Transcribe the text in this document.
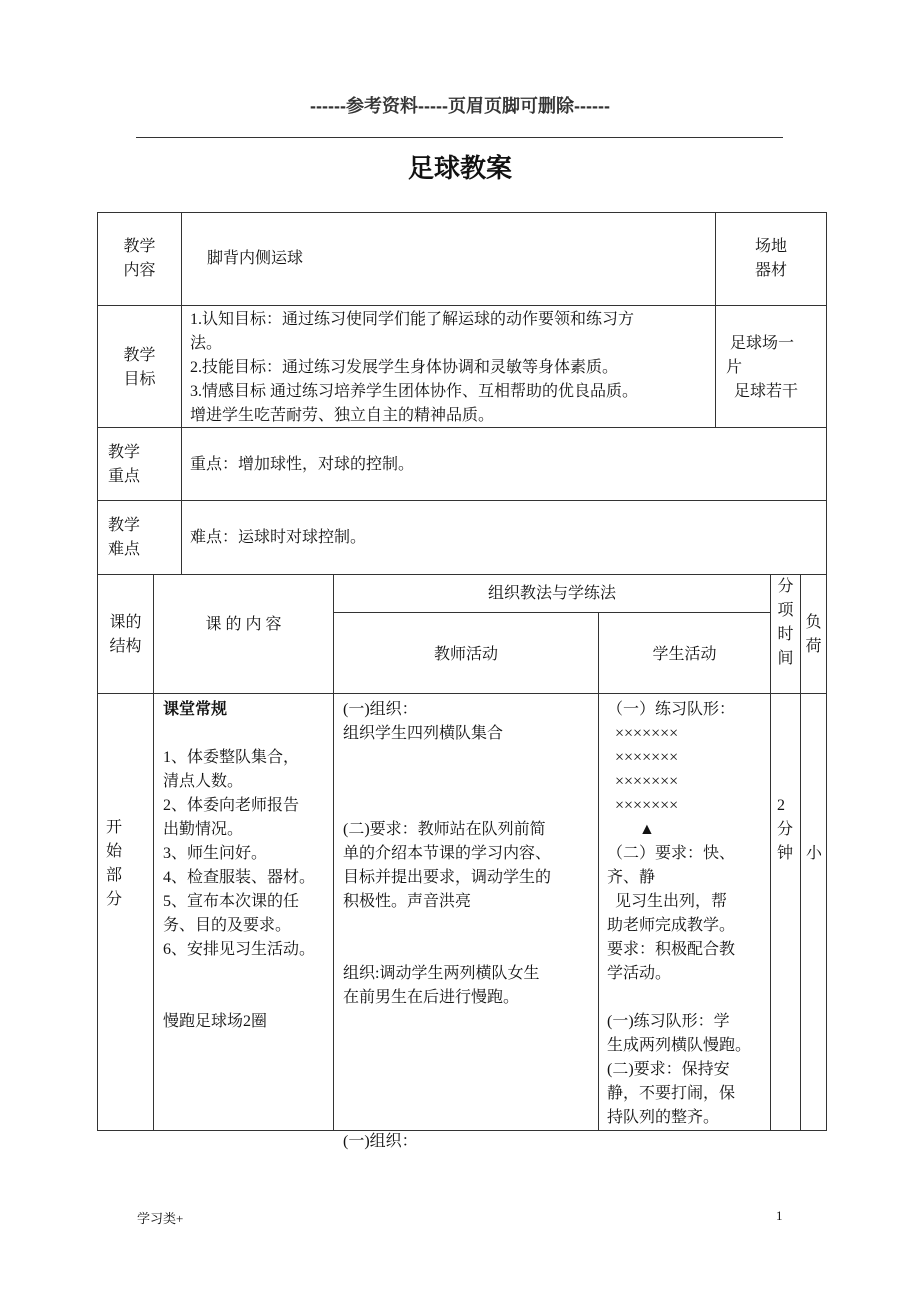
------参考资料-----页眉页脚可删除------
足球教案
教学
内容
脚背内侧运球
场地
器材
教学
目标
1.认知目标：通过练习使同学们能了解运球的动作要领和练习方
法。
2.技能目标：通过练习发展学生身体协调和灵敏等身体素质。
3.情感目标 通过练习培养学生团体协作、互相帮助的优良品质。
增进学生吃苦耐劳、独立自主的精神品质。
足球场一
片
足球若干
教学
重点
重点：增加球性，对球的控制。
教学
难点
难点：运球时对球控制。
课的
结构
课 的 内 容
组织教法与学练法
教师活动	学生活动
分
项
时
间
负
荷
开
始
部
分
课堂常规

1、体委整队集合，
清点人数。
2、体委向老师报告
出勤情况。
3、师生问好。
4、检查服装、器材。
5、宣布本次课的任
务、目的及要求。
6、安排见习生活动。

慢跑足球场2圈
(一)组织：
组织学生四列横队集合

(二)要求：教师站在队列前简
单的介绍本节课的学习内容、
目标并提出要求，调动学生的
积极性。声音洪亮

组织:调动学生两列横队女生
在前男生在后进行慢跑。

(一)组织：
（一）练习队形：
×××××××
×××××××
×××××××
×××××××
▲
（二）要求：快、
齐、静
见习生出列，帮
助老师完成教学。
要求：积极配合教
学活动。

(一)练习队形：学
生成两列横队慢跑。
(二)要求：保持安
静，不要打闹，保
持队列的整齐。
2
分
钟 小
学习类+	1
